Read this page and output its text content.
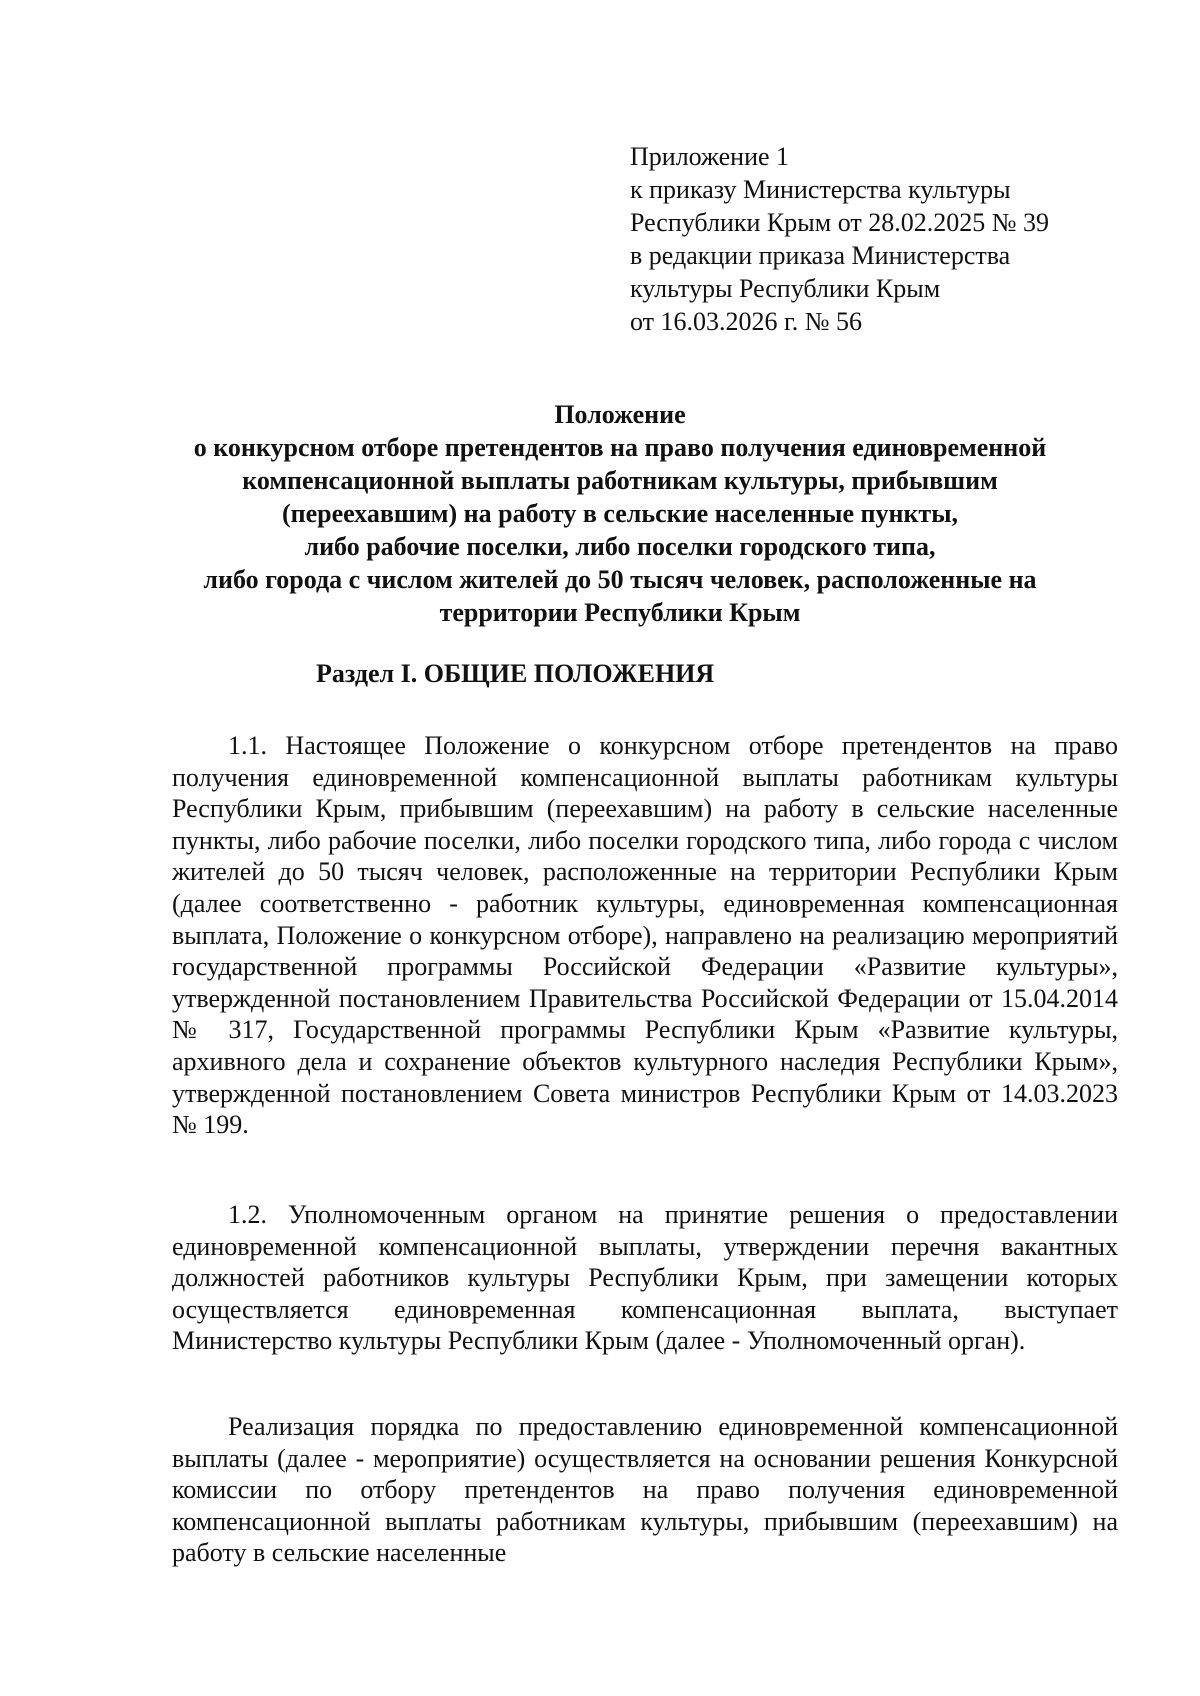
Приложение 1
к приказу Министерства культуры
Республики Крым от 28.02.2025 № 39
в редакции приказа Министерства
культуры Республики Крым
от 16.03.2026 г. № 56
Положение
о конкурсном отборе претендентов на право получения единовременной
компенсационной выплаты работникам культуры, прибывшим
(переехавшим) на работу в сельские населенные пункты,
либо рабочие поселки, либо поселки городского типа,
либо города с числом жителей до 50 тысяч человек, расположенные на
территории Республики Крым
Раздел I. ОБЩИЕ ПОЛОЖЕНИЯ

1.1. Настоящее Положение о конкурсном отборе претендентов на право получения единовременной компенсационной выплаты работникам культуры Республики Крым, прибывшим (переехавшим) на работу в сельские населенные пункты, либо рабочие поселки, либо поселки городского типа, либо города с числом жителей до 50 тысяч человек, расположенные на территории Республики Крым (далее соответственно - работник культуры, единовременная компенсационная выплата, Положение о конкурсном отборе), направлено на реализацию мероприятий государственной программы Российской Федерации «Развитие культуры», утвержденной постановлением Правительства Российской Федерации от 15.04.2014 № 317, Государственной программы Республики Крым «Развитие культуры, архивного дела и сохранение объектов культурного наследия Республики Крым», утвержденной постановлением Совета министров Республики Крым от 14.03.2023 № 199.

1.2. Уполномоченным органом на принятие решения о предоставлении единовременной компенсационной выплаты, утверждении перечня вакантных должностей работников культуры Республики Крым, при замещении которых осуществляется единовременная компенсационная выплата, выступает Министерство культуры Республики Крым (далее - Уполномоченный орган).

Реализация порядка по предоставлению единовременной компенсационной выплаты (далее - мероприятие) осуществляется на основании решения Конкурсной комиссии по отбору претендентов на право получения единовременной компенсационной выплаты работникам культуры, прибывшим (переехавшим) на работу в сельские населенные
